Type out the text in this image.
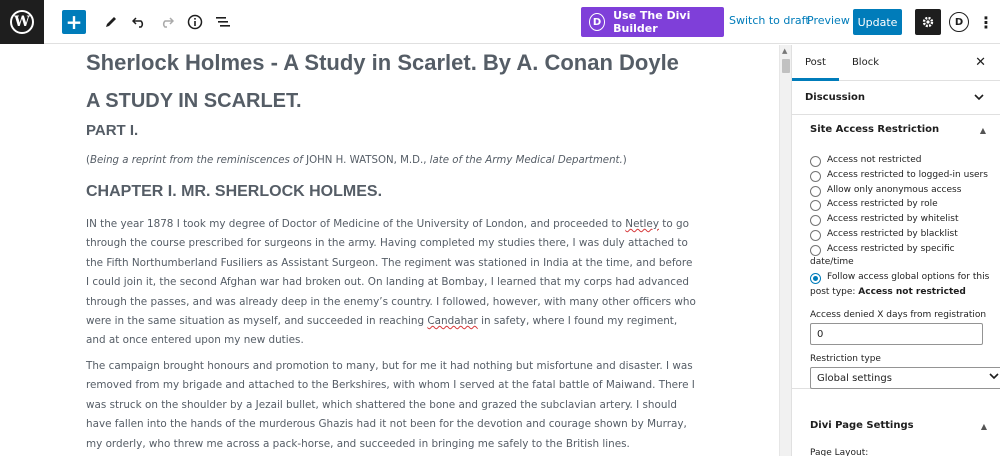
W +	D	Use The Divi Builder
Switch to draft
Preview Update	D ⋮
Sherlock Holmes - A Study in Scarlet. By A. Conan Doyle
A STUDY IN SCARLET.
PART I.
(Being a reprint from the reminiscences of JOHN H. WATSON, M.D., late of the Army Medical Department.)
CHAPTER I. MR. SHERLOCK HOLMES.
IN the year 1878 I took my degree of Doctor of Medicine of the University of London, and proceeded to Netley to go through the course prescribed for surgeons in the army. Having completed my studies there, I was duly attached to the Fifth Northumberland Fusiliers as Assistant Surgeon. The regiment was stationed in India at the time, and before I could join it, the second Afghan war had broken out. On landing at Bombay, I learned that my corps had advanced through the passes, and was already deep in the enemy’s country. I followed, however, with many other officers who were in the same situation as myself, and succeeded in reaching Candahar in safety, where I found my regiment, and at once entered upon my new duties.
The campaign brought honours and promotion to many, but for me it had nothing but misfortune and disaster. I was removed from my brigade and attached to the Berkshires, with whom I served at the fatal battle of Maiwand. There I was struck on the shoulder by a Jezail bullet, which shattered the bone and grazed the subclavian artery. I should have fallen into the hands of the murderous Ghazis had it not been for the devotion and courage shown by Murray, my orderly, who threw me across a pack-horse, and succeeded in bringing me safely to the British lines.
▲
Post	Block	✕
Discussion
Site Access Restriction	▲
Access not restricted
Access restricted to logged-in users
Allow only anonymous access
Access restricted by role
Access restricted by whitelist
Access restricted by blacklist
Access restricted by specific
date/time
Follow access global options for this
post type: Access not restricted
Access denied X days from registration
0
Restriction type
Global settings
Divi Page Settings	▲
Page Layout:
